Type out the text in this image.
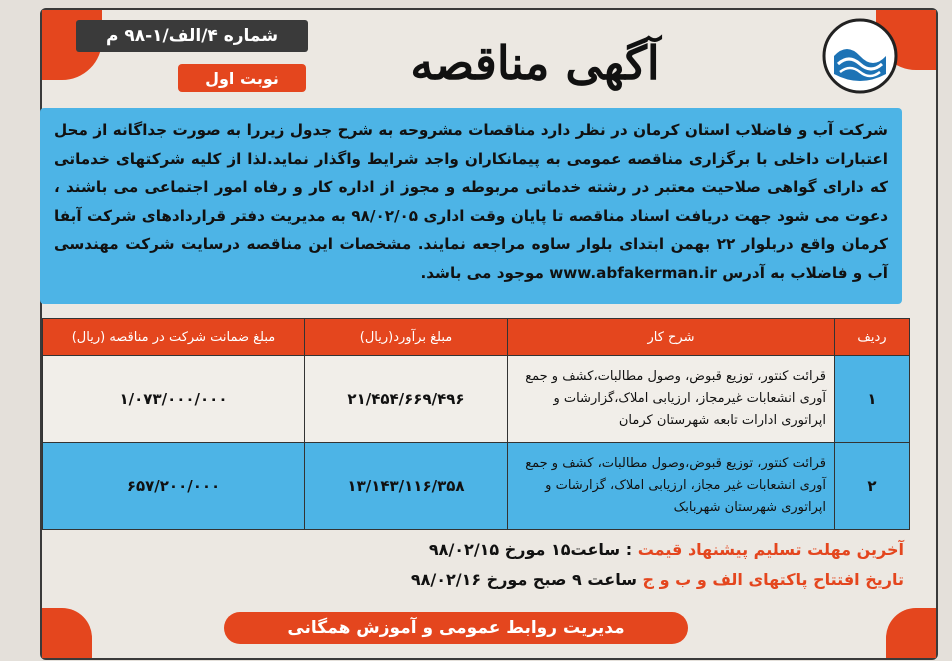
شماره ۴/الف/۱-۹۸ م
نوبت اول	آگهی مناقصه

شرکت آب و فاضلاب استان کرمان در نظر دارد مناقصات مشروحه به شرح جدول زیررا به صورت جداگانه از محل اعتبارات داخلی با برگزاری مناقصه عمومی به پیمانکاران واجد شرایط واگذار نماید.لذا از کلیه شرکتهای خدماتی که دارای گواهی صلاحیت معتبر در رشته خدماتی مربوطه و مجوز از اداره کار و رفاه امور اجتماعی می باشند ، دعوت می شود جهت دریافت اسناد مناقصه تا پایان وقت اداری ۹۸/۰۲/۰۵ به مدیریت دفتر قراردادهای شرکت آبفا کرمان واقع دربلوار ۲۲ بهمن ابتدای بلوار ساوه مراجعه نمایند. مشخصات این مناقصه درسایت شرکت مهندسی آب و فاضلاب به آدرس www.abfakerman.ir موجود می باشد.

ردیف	شرح کار	مبلغ برآورد(ریال)	مبلغ ضمانت شرکت در مناقصه (ریال)
۱	قرائت کنتور، توزیع قبوض، وصول مطالبات،کشف و جمع آوری انشعابات غیرمجاز، ارزیابی املاک،گزارشات و اپراتوری ادارات تابعه شهرستان کرمان	۲۱/۴۵۴/۶۶۹/۴۹۶	۱/۰۷۳/۰۰۰/۰۰۰
۲	قرائت کنتور، توزیع قبوض،وصول مطالبات، کشف و جمع آوری انشعابات غیر مجاز، ارزیابی املاک، گزارشات و اپراتوری شهرستان شهربابک	۱۳/۱۴۳/۱۱۶/۳۵۸	۶۵۷/۲۰۰/۰۰۰
آخرین مهلت تسلیم پیشنهاد قیمت : ساعت۱۵ مورخ ۹۸/۰۲/۱۵
تاریخ افتتاح پاکتهای الف و ب و ج ساعت ۹ صبح مورخ ۹۸/۰۲/۱۶
مدیریت روابط عمومی و آموزش همگانی
